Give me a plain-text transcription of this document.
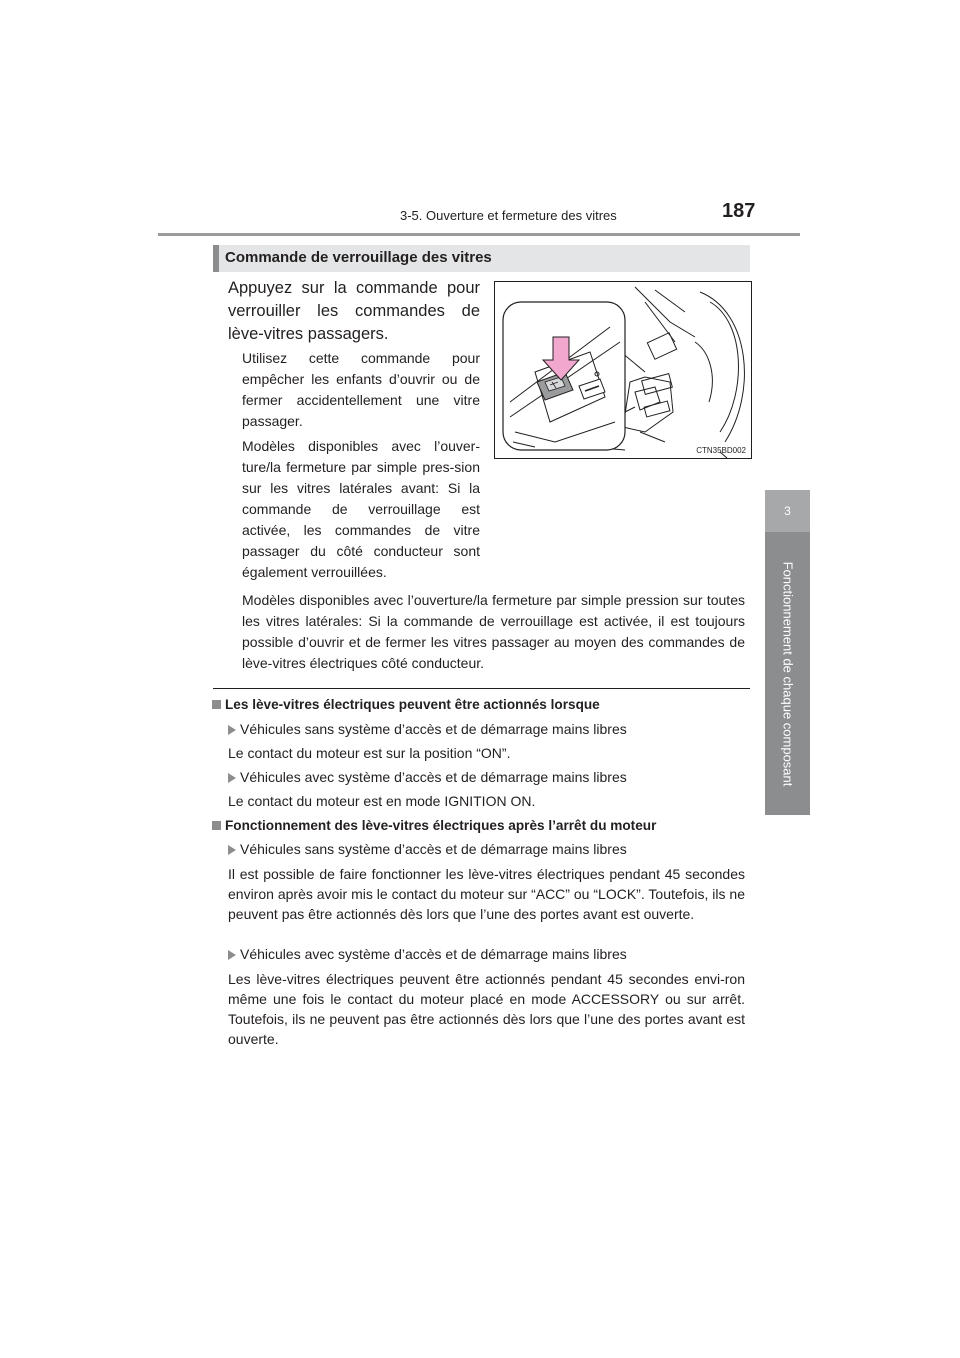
3-5. Ouverture et fermeture des vitres	187
3
Fonctionnement de chaque composant
Commande de verrouillage des vitres
Appuyez sur la commande pour
verrouiller les commandes de
lève-vitres passagers.
Utilisez cette commande pour empêcher les enfants d’ouvrir ou de fermer accidentellement une vitre passager.
Modèles disponibles avec l’ouver-ture/la fermeture par simple pres-sion sur les vitres latérales avant: Si la commande de verrouillage est activée, les commandes de vitre passager du côté conducteur sont également verrouillées.
Modèles disponibles avec l’ouverture/la fermeture par simple pression sur toutes les vitres latérales: Si la commande de verrouillage est activée, il est toujours possible d’ouvrir et de fermer les vitres passager au moyen des commandes de lève-vitres électriques côté conducteur.
CTN35BD002
Les lève-vitres électriques peuvent être actionnés lorsque
Véhicules sans système d’accès et de démarrage mains libres
Le contact du moteur est sur la position “ON”.
Véhicules avec système d’accès et de démarrage mains libres
Le contact du moteur est en mode IGNITION ON.
Fonctionnement des lève-vitres électriques après l’arrêt du moteur
Véhicules sans système d’accès et de démarrage mains libres
Il est possible de faire fonctionner les lève-vitres électriques pendant 45 secondes environ après avoir mis le contact du moteur sur “ACC” ou “LOCK”. Toutefois, ils ne peuvent pas être actionnés dès lors que l’une des portes avant est ouverte.
Véhicules avec système d’accès et de démarrage mains libres
Les lève-vitres électriques peuvent être actionnés pendant 45 secondes envi-ron même une fois le contact du moteur placé en mode ACCESSORY ou sur arrêt. Toutefois, ils ne peuvent pas être actionnés dès lors que l’une des portes avant est ouverte.
